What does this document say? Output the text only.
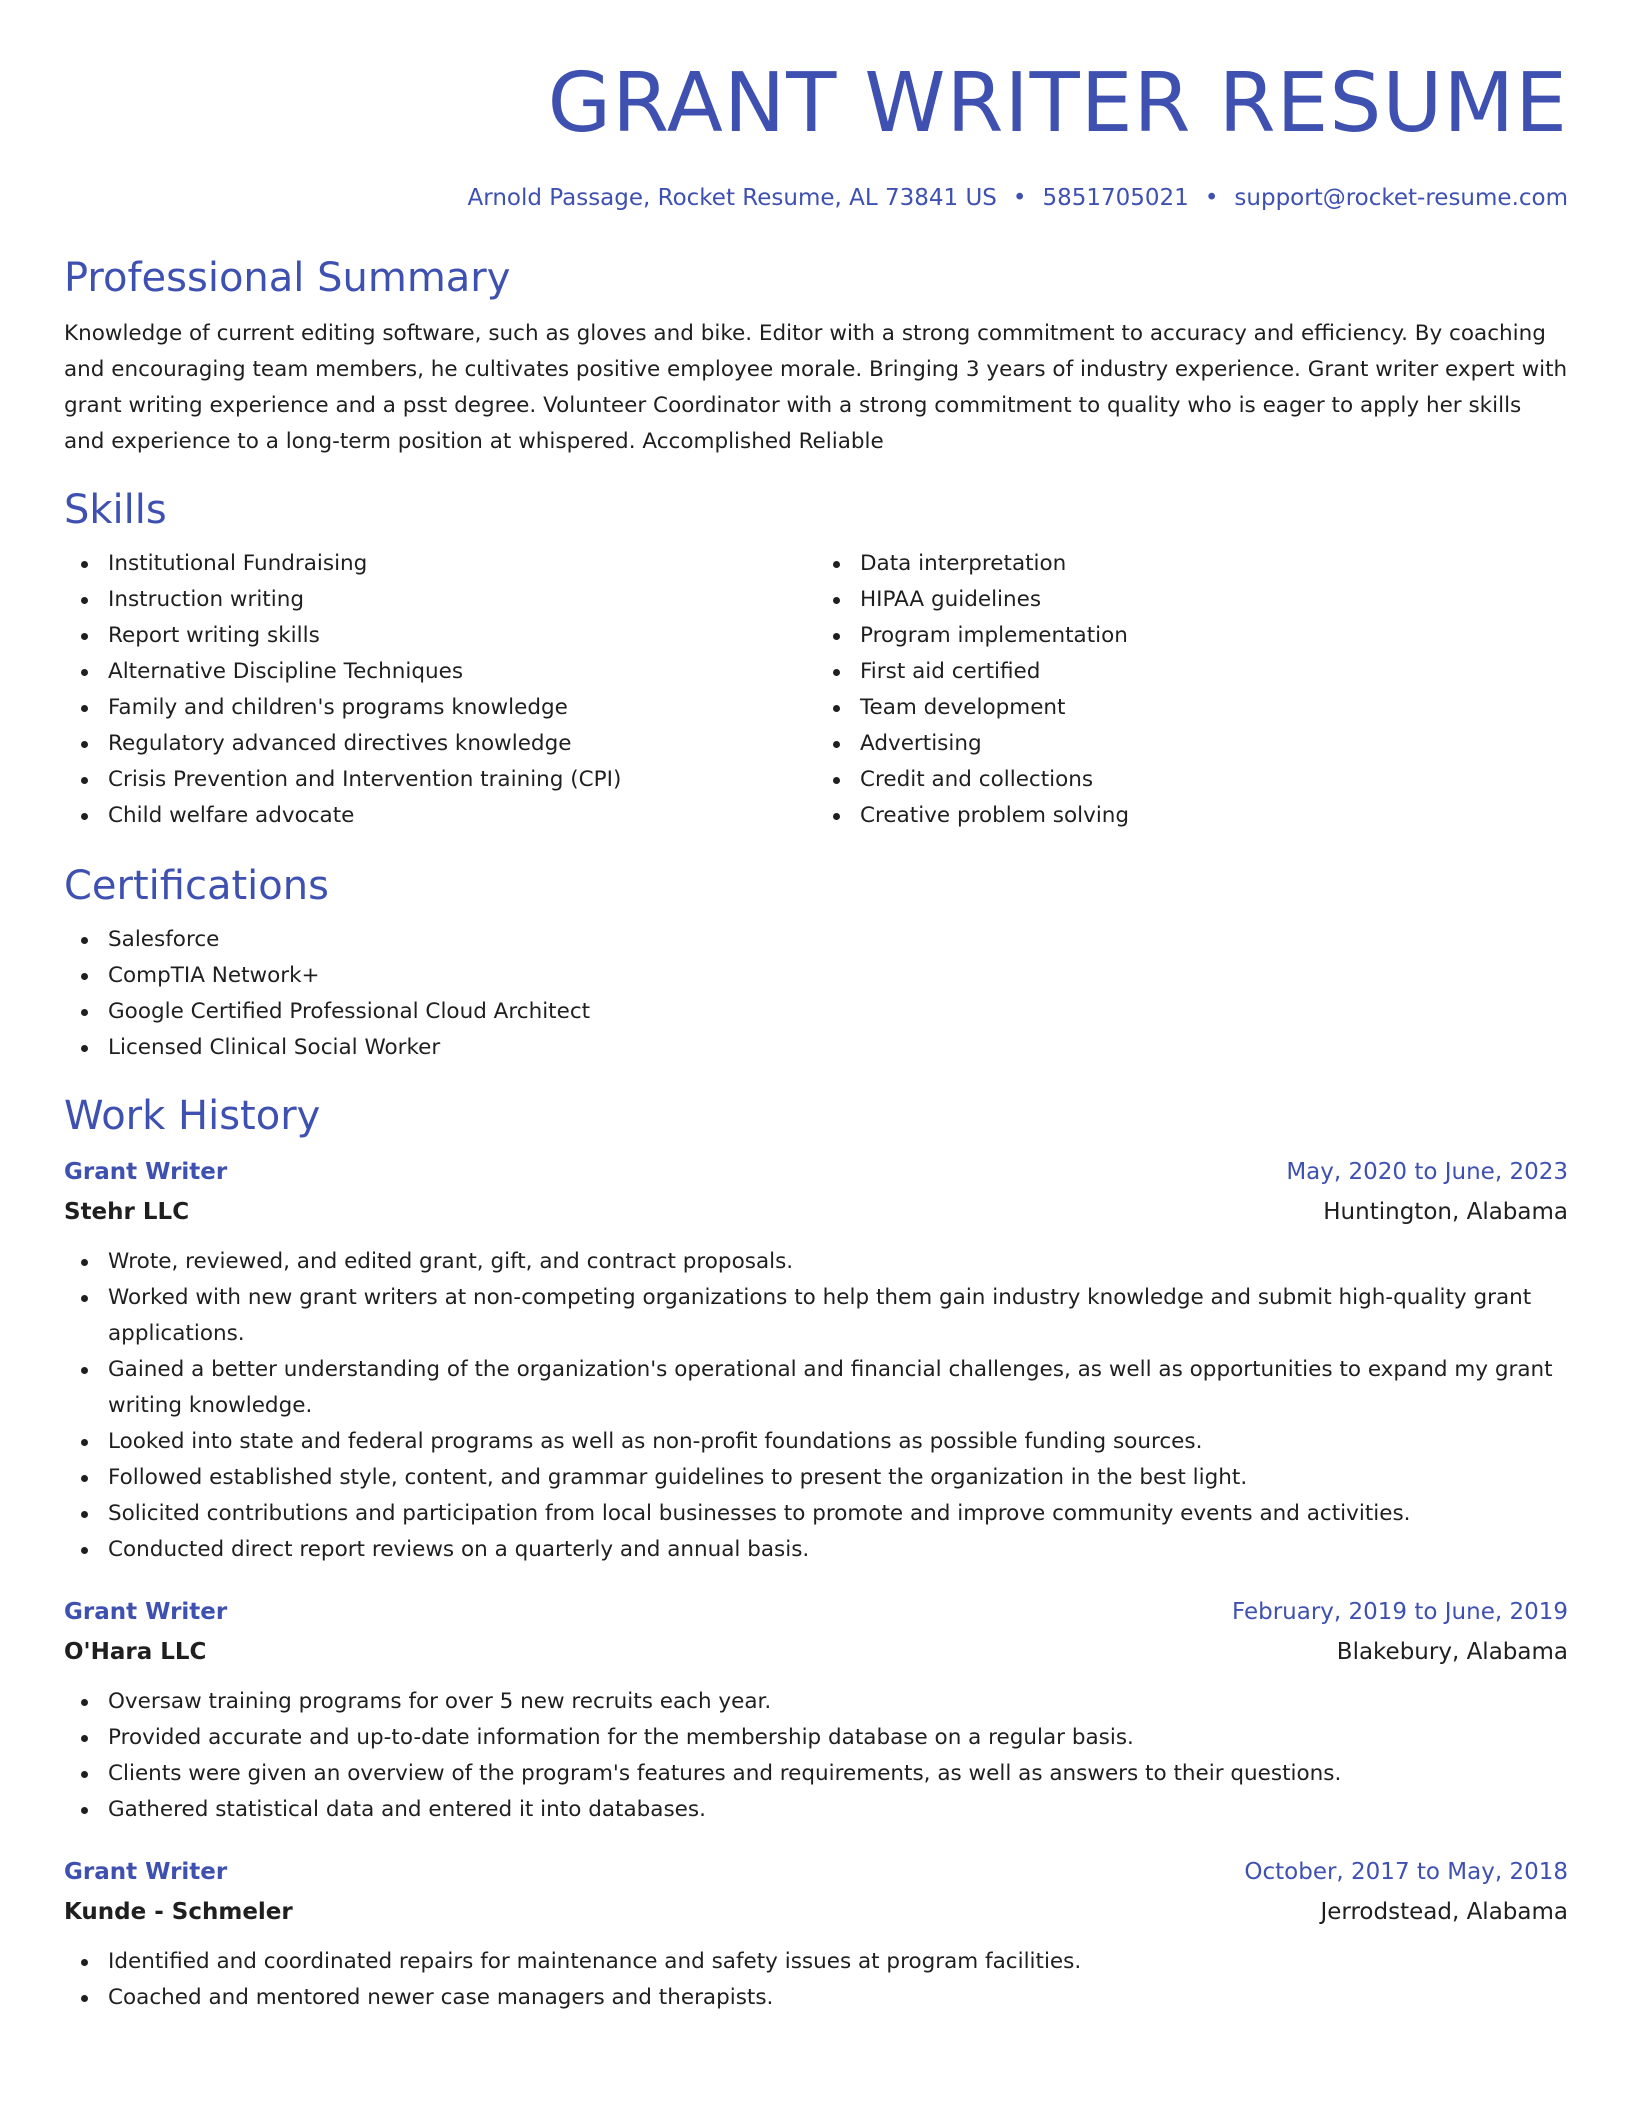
GRANT WRITER RESUME
Arnold Passage, Rocket Resume, AL 73841 US • 5851705021 • support@rocket-resume.com
Professional Summary

Knowledge of current editing software, such as gloves and bike. Editor with a strong commitment to accuracy and efficiency. By coaching and encouraging team members, he cultivates positive employee morale. Bringing 3 years of industry experience. Grant writer expert with grant writing experience and a psst degree. Volunteer Coordinator with a strong commitment to quality who is eager to apply her skills and experience to a long-term position at whispered. Accomplished Reliable

Skills
Institutional Fundraising
Instruction writing
Report writing skills
Alternative Discipline Techniques
Family and children's programs knowledge
Regulatory advanced directives knowledge
Crisis Prevention and Intervention training (CPI)
Child welfare advocate
Data interpretation
HIPAA guidelines
Program implementation
First aid certified
Team development
Advertising
Credit and collections
Creative problem solving
Certifications
Salesforce
CompTIA Network+
Google Certified Professional Cloud Architect
Licensed Clinical Social Worker
Work History
Grant Writer	May, 2020 to June, 2023
Stehr LLC	Huntington, Alabama
Wrote, reviewed, and edited grant, gift, and contract proposals.
Worked with new grant writers at non-competing organizations to help them gain industry knowledge and submit high-quality grant applications.
Gained a better understanding of the organization's operational and financial challenges, as well as opportunities to expand my grant writing knowledge.
Looked into state and federal programs as well as non-profit foundations as possible funding sources.
Followed established style, content, and grammar guidelines to present the organization in the best light.
Solicited contributions and participation from local businesses to promote and improve community events and activities.
Conducted direct report reviews on a quarterly and annual basis.
Grant Writer	February, 2019 to June, 2019
O'Hara LLC	Blakebury, Alabama
Oversaw training programs for over 5 new recruits each year.
Provided accurate and up-to-date information for the membership database on a regular basis.
Clients were given an overview of the program's features and requirements, as well as answers to their questions.
Gathered statistical data and entered it into databases.
Grant Writer	October, 2017 to May, 2018
Kunde - Schmeler	Jerrodstead, Alabama
Identified and coordinated repairs for maintenance and safety issues at program facilities.
Coached and mentored newer case managers and therapists.
